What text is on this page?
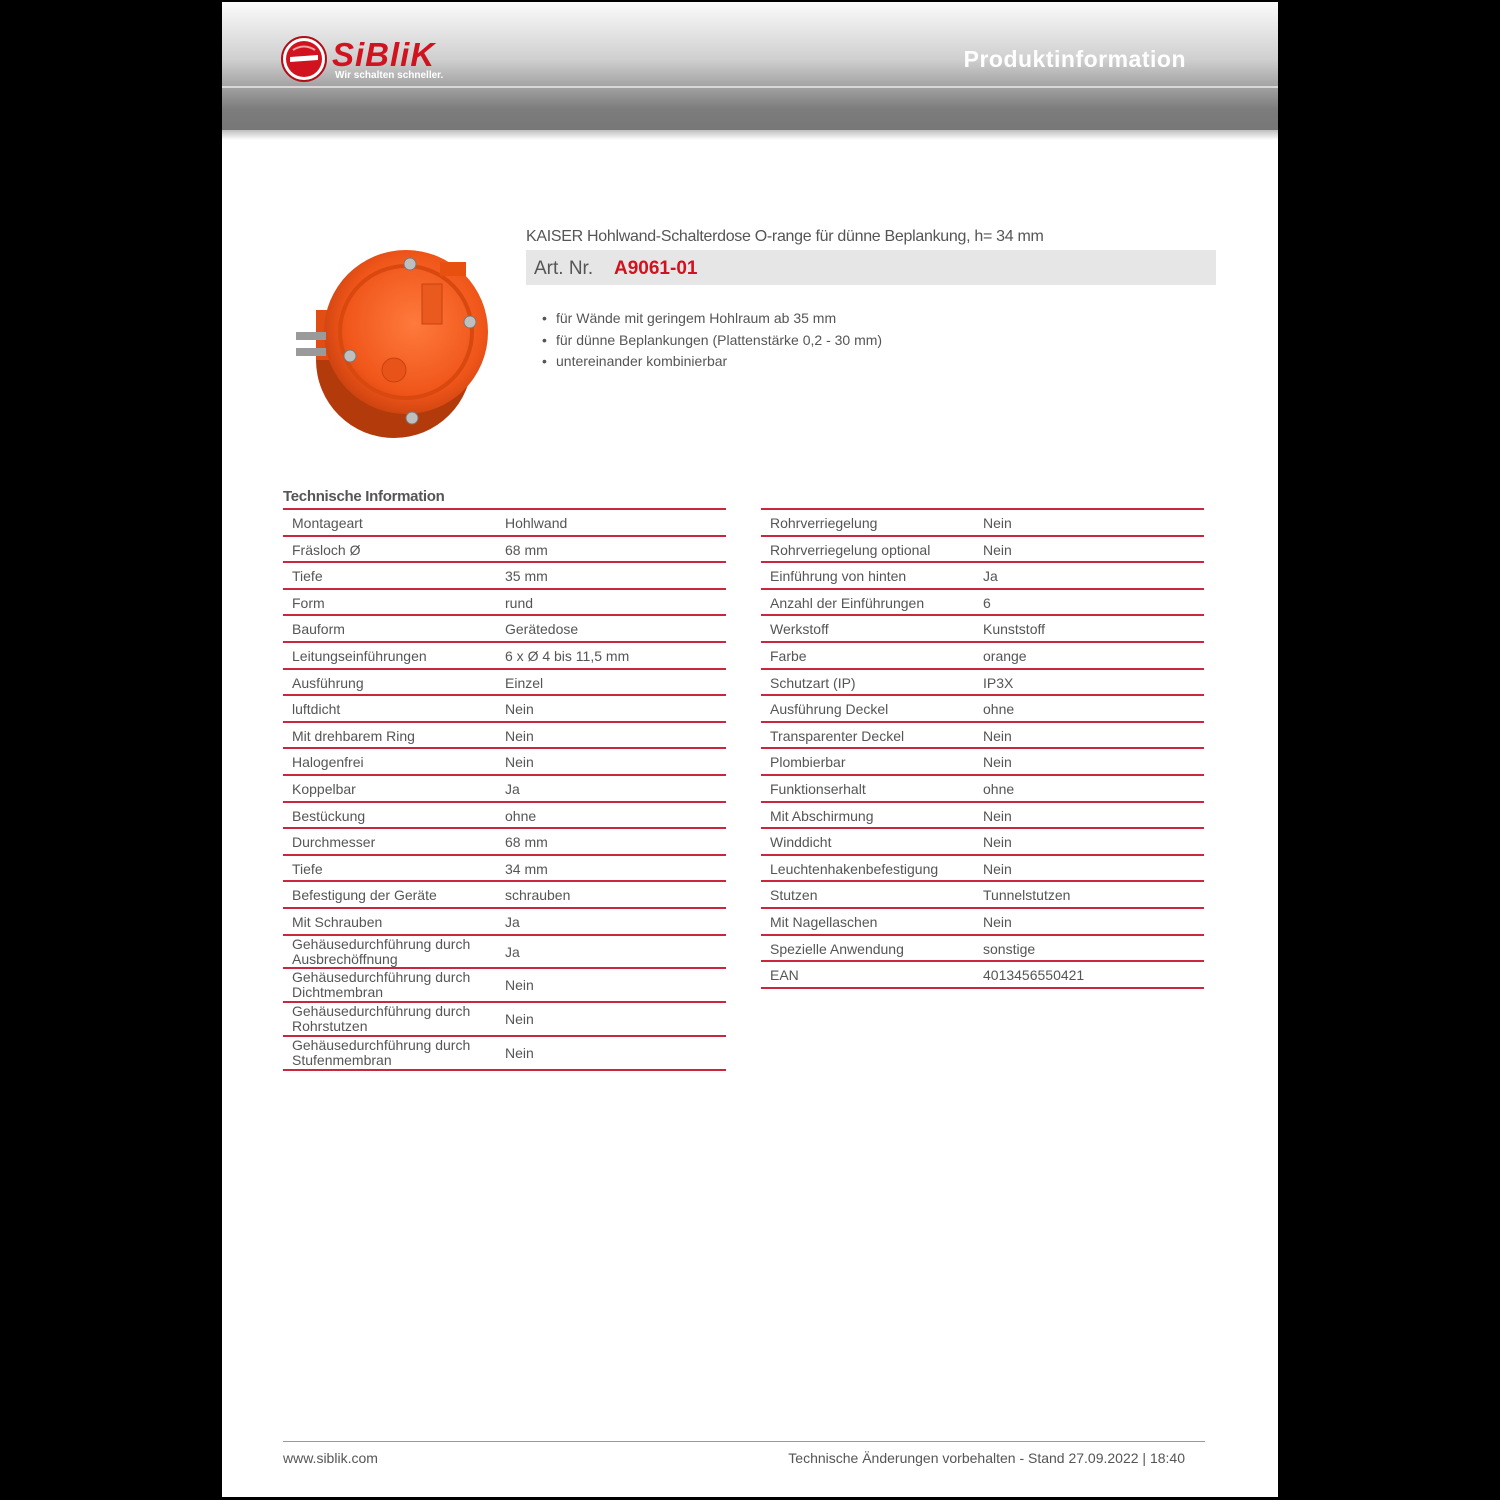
SiBliK
Wir schalten schneller.
Produktinformation
KAISER Hohlwand-Schalterdose O-range für dünne Beplankung, h= 34 mm
Art. Nr. A9061-01
• für Wände mit geringem Hohlraum ab 35 mm
• für dünne Beplankungen (Plattenstärke 0,2 - 30 mm)
• untereinander kombinierbar
Technische Information
Montageart	Hohlwand
Fräsloch Ø	68 mm
Tiefe	35 mm
Form	rund
Bauform	Gerätedose
Leitungseinführungen	6 x Ø 4 bis 11,5 mm
Ausführung	Einzel
luftdicht	Nein
Mit drehbarem Ring	Nein
Halogenfrei	Nein
Koppelbar	Ja
Bestückung	ohne
Durchmesser	68 mm
Tiefe	34 mm
Befestigung der Geräte	schrauben
Mit Schrauben	Ja
Gehäusedurchführung durch Ausbrechöffnung	Ja
Gehäusedurchführung durch Dichtmembran	Nein
Gehäusedurchführung durch Rohrstutzen	Nein
Gehäusedurchführung durch Stufenmembran	Nein
Rohrverriegelung	Nein
Rohrverriegelung optional	Nein
Einführung von hinten	Ja
Anzahl der Einführungen	6
Werkstoff	Kunststoff
Farbe	orange
Schutzart (IP)	IP3X
Ausführung Deckel	ohne
Transparenter Deckel	Nein
Plombierbar	Nein
Funktionserhalt	ohne
Mit Abschirmung	Nein
Winddicht	Nein
Leuchtenhakenbefestigung	Nein
Stutzen	Tunnelstutzen
Mit Nagellaschen	Nein
Spezielle Anwendung	sonstige
EAN	4013456550421
www.siblik.com	Technische Änderungen vorbehalten - Stand 27.09.2022 | 18:40
